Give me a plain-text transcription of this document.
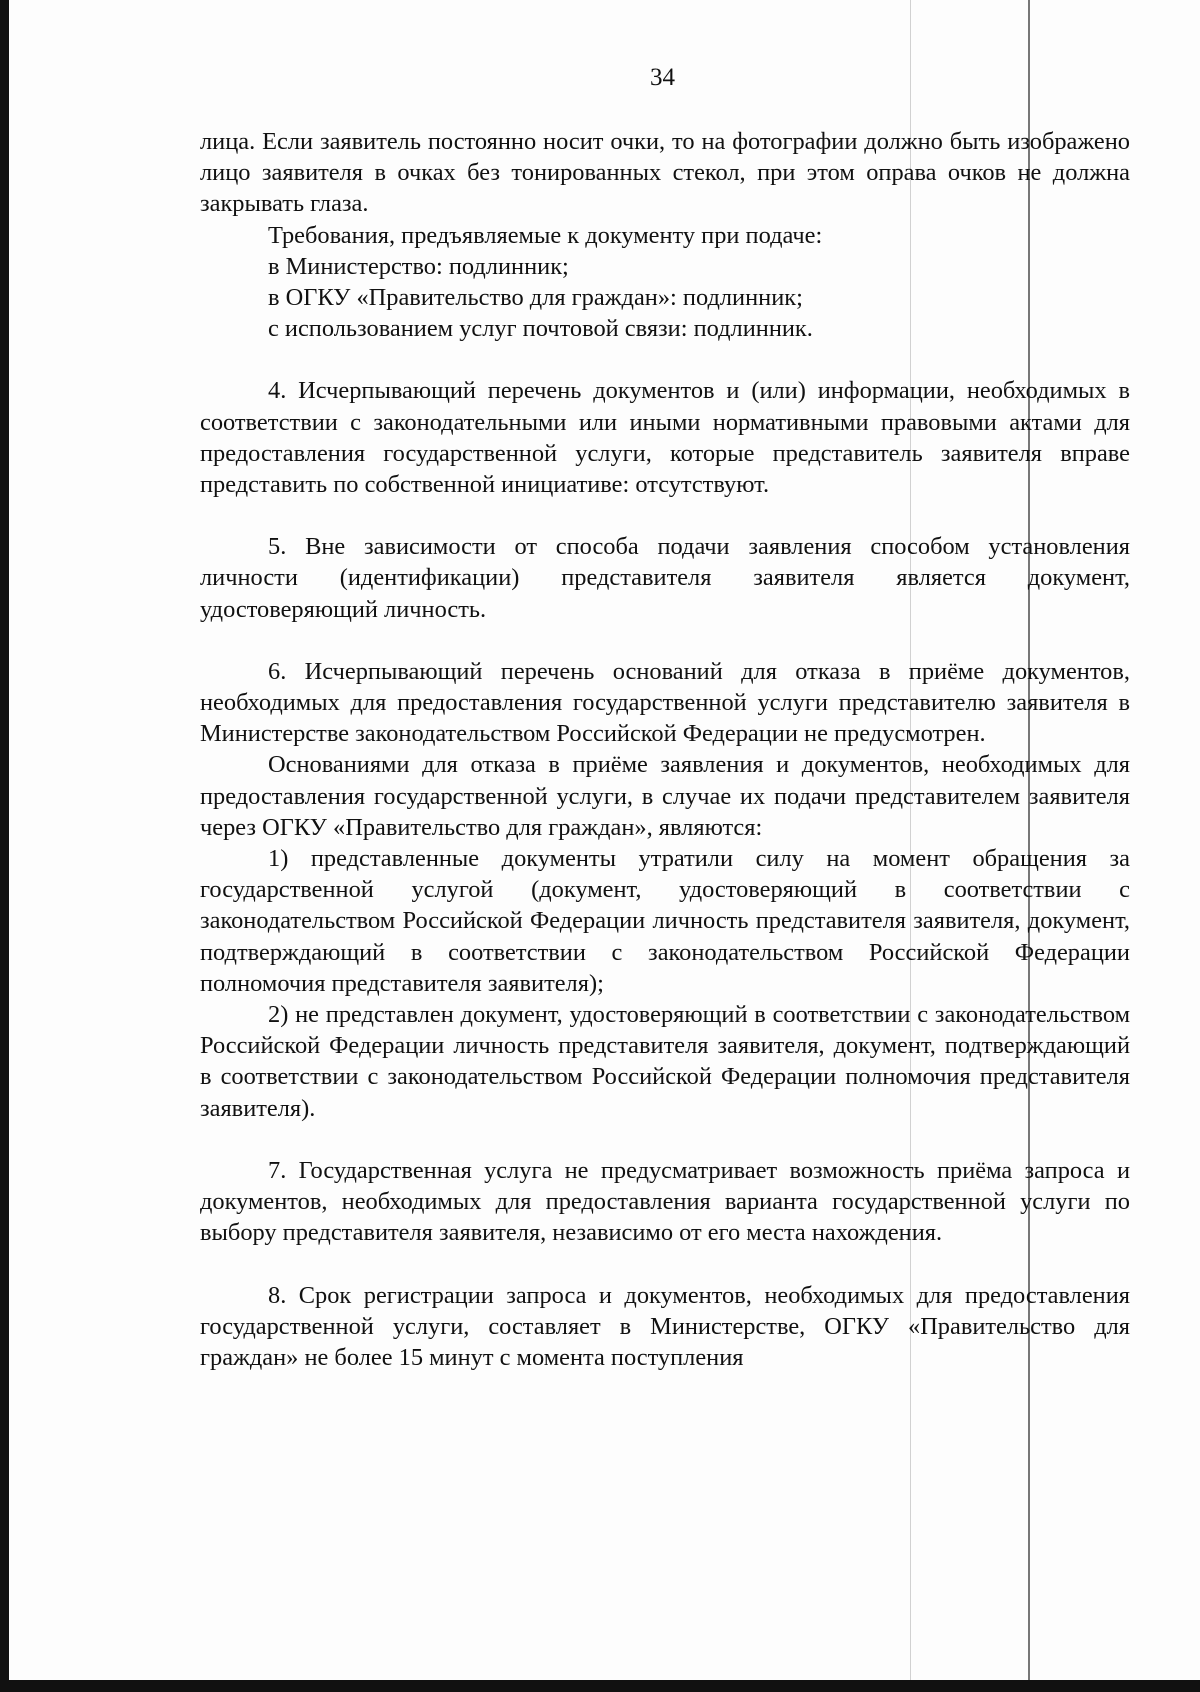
34

лица. Если заявитель постоянно носит очки, то на фотографии должно быть изображено лицо заявителя в очках без тонированных стекол, при этом оправа очков не должна закрывать глаза.

Требования, предъявляемые к документу при подаче:

в Министерство: подлинник;

в ОГКУ «Правительство для граждан»: подлинник;

с использованием услуг почтовой связи: подлинник.

4. Исчерпывающий перечень документов и (или) информации, необходимых в соответствии с законодательными или иными нормативными правовыми актами для предоставления государственной услуги, которые представитель заявителя вправе представить по собственной инициативе: отсутствуют.

5. Вне зависимости от способа подачи заявления способом установления личности (идентификации) представителя заявителя является документ, удостоверяющий личность.

6. Исчерпывающий перечень оснований для отказа в приёме документов, необходимых для предоставления государственной услуги представителю заявителя в Министерстве законодательством Российской Федерации не предусмотрен.

Основаниями для отказа в приёме заявления и документов, необходимых для предоставления государственной услуги, в случае их подачи представителем заявителя через ОГКУ «Правительство для граждан», являются:

1) представленные документы утратили силу на момент обращения за государственной услугой (документ, удостоверяющий в соответствии с законодательством Российской Федерации личность представителя заявителя, документ, подтверждающий в соответствии с законодательством Российской Федерации полномочия представителя заявителя);

2) не представлен документ, удостоверяющий в соответствии с законодательством Российской Федерации личность представителя заявителя, документ, подтверждающий в соответствии с законодательством Российской Федерации полномочия представителя заявителя).

7. Государственная услуга не предусматривает возможность приёма запроса и документов, необходимых для предоставления варианта государственной услуги по выбору представителя заявителя, независимо от его места нахождения.

8. Срок регистрации запроса и документов, необходимых для предоставления государственной услуги, составляет в Министерстве, ОГКУ «Правительство для граждан» не более 15 минут с момента поступления
